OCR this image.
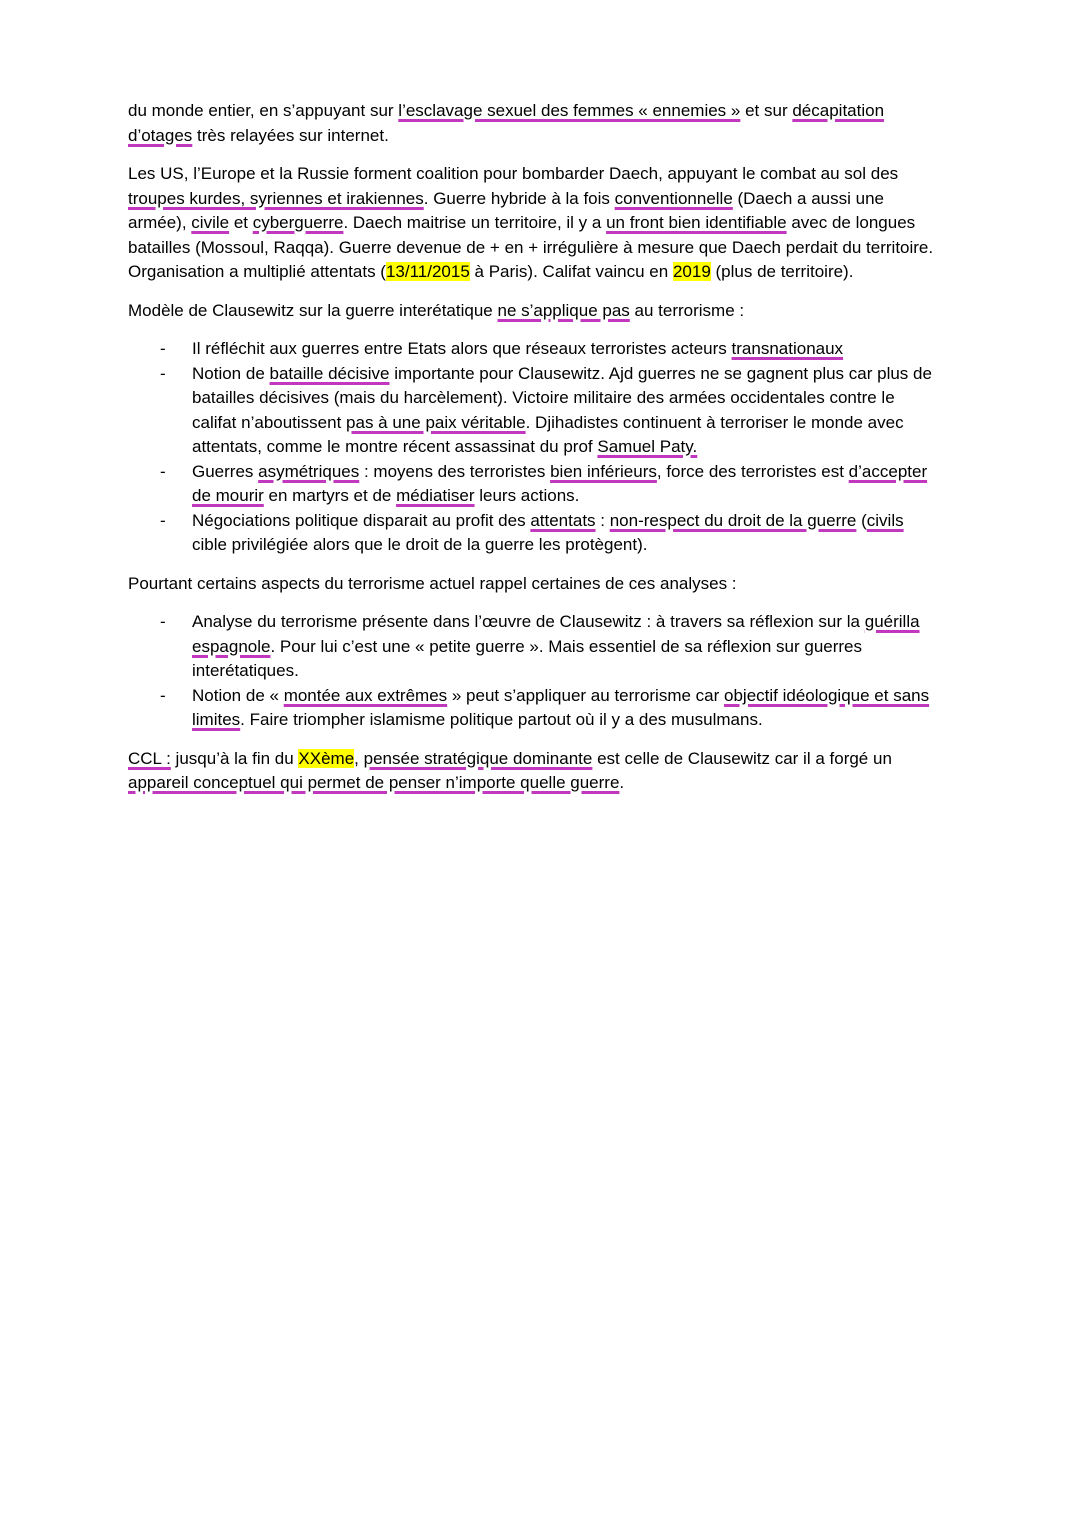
du monde entier, en s’appuyant sur l’esclavage sexuel des femmes « ennemies » et sur décapitation d’otages très relayées sur internet.

Les US, l’Europe et la Russie forment coalition pour bombarder Daech, appuyant le combat au sol des troupes kurdes, syriennes et irakiennes. Guerre hybride à la fois conventionnelle (Daech a aussi une armée), civile et cyberguerre. Daech maitrise un territoire, il y a un front bien identifiable avec de longues batailles (Mossoul, Raqqa). Guerre devenue de + en + irrégulière à mesure que Daech perdait du territoire. Organisation a multiplié attentats (13/11/2015 à Paris). Califat vaincu en 2019 (plus de territoire).

Modèle de Clausewitz sur la guerre interétatique ne s’applique pas au terrorisme :

-	Il réfléchit aux guerres entre Etats alors que réseaux terroristes acteurs transnationaux
-	Notion de bataille décisive importante pour Clausewitz. Ajd guerres ne se gagnent plus car plus de batailles décisives (mais du harcèlement). Victoire militaire des armées occidentales contre le califat n’aboutissent pas à une paix véritable. Djihadistes continuent à terroriser le monde avec attentats, comme le montre récent assassinat du prof Samuel Paty.
-	Guerres asymétriques : moyens des terroristes bien inférieurs, force des terroristes est d’accepter de mourir en martyrs et de médiatiser leurs actions.
-	Négociations politique disparait au profit des attentats : non-respect du droit de la guerre (civils cible privilégiée alors que le droit de la guerre les protègent).

Pourtant certains aspects du terrorisme actuel rappel certaines de ces analyses :

-	Analyse du terrorisme présente dans l’œuvre de Clausewitz : à travers sa réflexion sur la guérilla espagnole. Pour lui c’est une « petite guerre ». Mais essentiel de sa réflexion sur guerres interétatiques.
-	Notion de « montée aux extrêmes » peut s’appliquer au terrorisme car objectif idéologique et sans limites. Faire triompher islamisme politique partout où il y a des musulmans.

CCL : jusqu’à la fin du XXème, pensée stratégique dominante est celle de Clausewitz car il a forgé un appareil conceptuel qui permet de penser n’importe quelle guerre.
